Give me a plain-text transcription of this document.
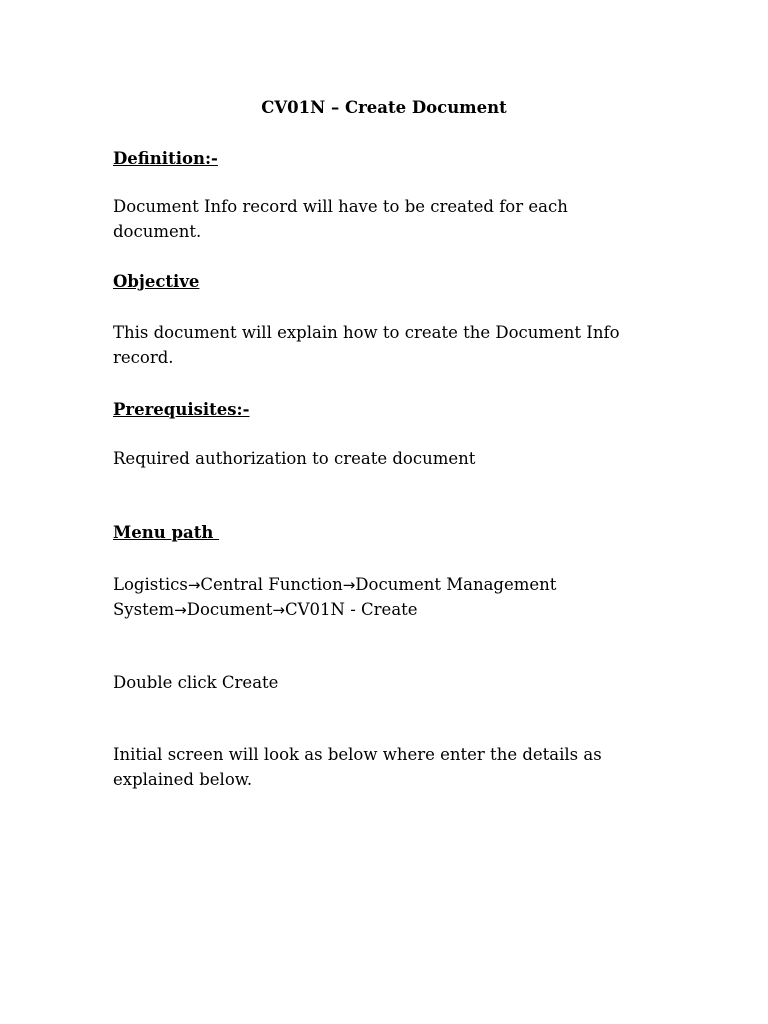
CV01N – Create Document

Definition:-

Document Info record will have to be created for each document.

Objective

This document will explain how to create the Document Info record.

Prerequisites:-

Required authorization to create document

Menu path

Logistics→Central Function→Document Management System→Document→CV01N - Create

Double click Create

Initial screen will look as below where enter the details as explained below.
